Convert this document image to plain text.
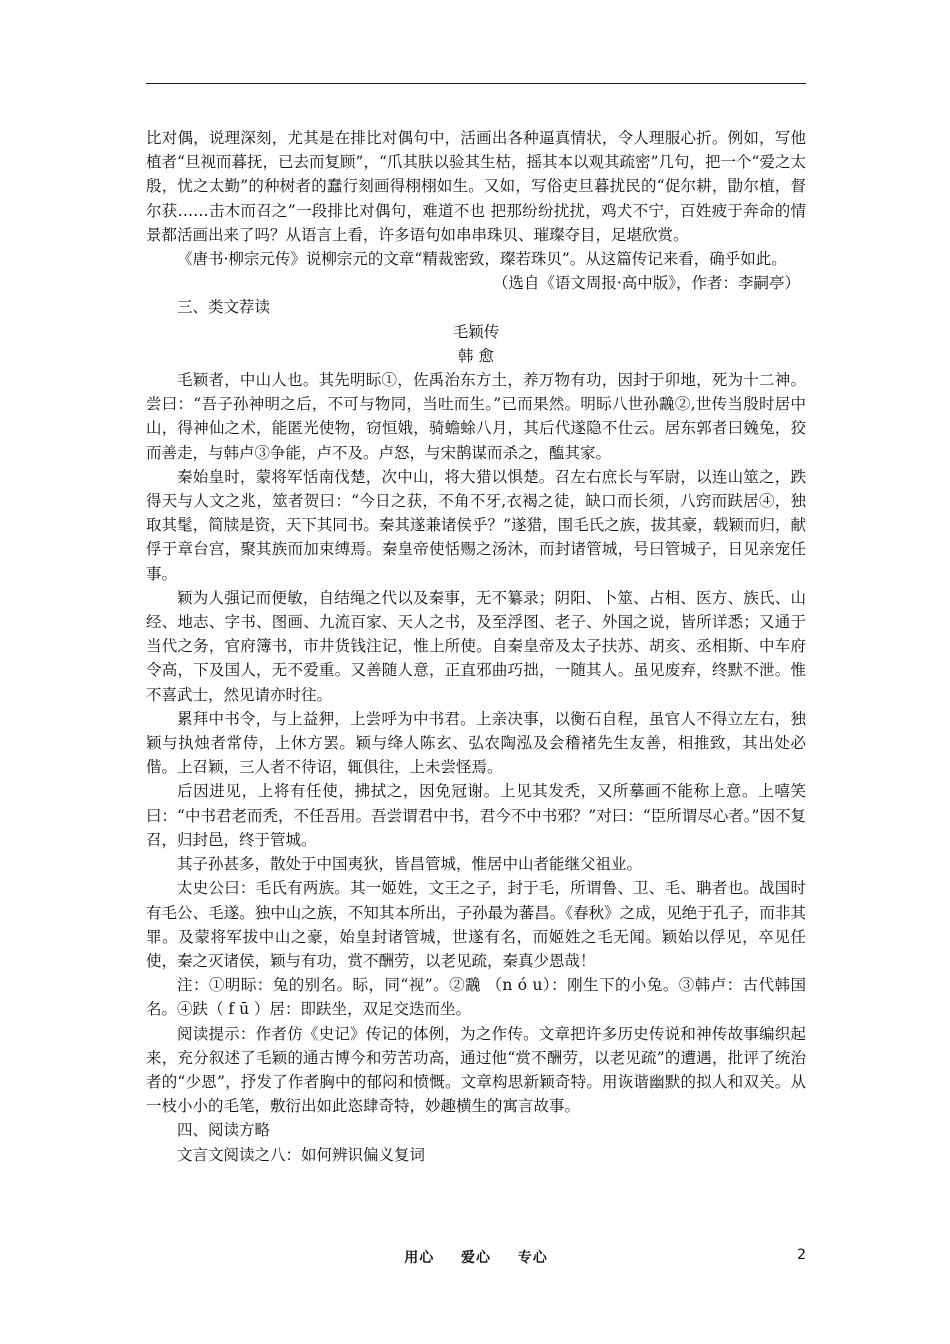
比对偶，说理深刻，尤其是在排比对偶句中，活画出各种逼真情状，令人理服心折。例如，写他植者“旦视而暮抚，已去而复顾”，“爪其肤以验其生枯，摇其本以观其疏密”几句，把一个“爱之太殷，忧之太勤”的种树者的蠢行刻画得栩栩如生。又如，写俗吏旦暮扰民的“促尔耕，勖尔植，督尔获……击木而召之”一段排比对偶句，难道不也 把那纷纷扰扰，鸡犬不宁，百姓疲于奔命的情景都活画出来了吗？从语言上看，许多语句如串串珠贝、璀璨夺目，足堪欣赏。

《唐书·柳宗元传》说柳宗元的文章“精裁密致，璨若珠贝”。从这篇传记来看，确乎如此。

（选自《语文周报·高中版》，作者：李嗣亭）

三、类文荐读

毛颖传

韩 愈

毛颖者，中山人也。其先明眎①，佐禹治东方土，养万物有功，因封于卯地，死为十二神。尝曰：“吾子孙神明之后，不可与物同，当吐而生。”已而果然。明眎八世孙䨲②,世传当殷时居中山，得神仙之术，能匿光使物，窃恒娥，骑蟾蜍八月，其后代遂隐不仕云。居东郭者曰㕙兔，狡而善走，与韩卢③争能，卢不及。卢怒，与宋鹊谋而杀之，醢其家。

秦始皇时，蒙将军恬南伐楚，次中山，将大猎以惧楚。召左右庶长与军尉，以连山筮之，跌得天与人文之兆，筮者贺曰：“今日之获，不角不牙,衣褐之徒，缺口而长须，八窍而趺居④，独取其髦，简牍是资，天下其同书。秦其遂兼诸侯乎？”遂猎，围毛氏之族，拔其豪，载颖而归，献俘于章台宫，聚其族而加束缚焉。秦皇帝使恬赐之汤沐，而封诸管城，号曰管城子，日见亲宠任事。

颖为人强记而便敏，自结绳之代以及秦事，无不纂录；阴阳、卜筮、占相、医方、族氏、山经、地志、字书、图画、九流百家、天人之书，及至浮图、老子、外国之说，皆所详悉；又通于当代之务，官府簿书，市井货钱注记，惟上所使。自秦皇帝及太子扶苏、胡亥、丞相斯、中车府令高，下及国人，无不爱重。又善随人意，正直邪曲巧拙，一随其人。虽见废弃，终默不泄。惟不喜武士，然见请亦时往。

累拜中书令，与上益狎，上尝呼为中书君。上亲决事，以衡石自程，虽官人不得立左右，独颖与执烛者常侍，上休方罢。颖与绛人陈玄、弘农陶泓及会稽褚先生友善，相推致，其出处必偕。上召颖，三人者不待诏，辄俱往，上未尝怪焉。

后因进见，上将有任使，拂拭之，因免冠谢。上见其发秃，又所摹画不能称上意。上嘻笑曰：“中书君老而秃，不任吾用。吾尝谓君中书，君今不中书邪？”对曰：“臣所谓尽心者。”因不复召，归封邑，终于管城。

其子孙甚多，散处于中国夷狄，皆昌管城，惟居中山者能继父祖业。

太史公曰：毛氏有两族。其一姬姓，文王之子，封于毛，所谓鲁、卫、毛、聃者也。战国时有毛公、毛遂。独中山之族，不知其本所出，子孙最为蕃昌。《春秋》之成，见绝于孔子，而非其罪。及蒙将军拔中山之豪，始皇封诸管城，世遂有名，而姬姓之毛无闻。颖始以俘见，卒见任使，秦之灭诸侯，颖与有功，赏不酬劳，以老见疏，秦真少恩哉！

注：①明眎：兔的别名。眎，同“视”。②䨲 （n ó u）：刚生下的小兔。③韩卢：古代韩国名。④趺（ f ū ）居：即趺坐，双足交迭而坐。

阅读提示：作者仿《史记》传记的体例，为之作传。文章把许多历史传说和神传故事编织起来，充分叙述了毛颖的通古博今和劳苦功高，通过他“赏不酬劳，以老见疏”的遭遇，批评了统治者的“少恩”，抒发了作者胸中的郁闷和愤慨。文章构思新颖奇特。用诙谐幽默的拟人和双关。从一枝小小的毛笔，敷衍出如此恣肆奇特，妙趣横生的寓言故事。

四、阅读方略

文言文阅读之八：如何辨识偏义复词

用心 　 爱心 　 专心	2
